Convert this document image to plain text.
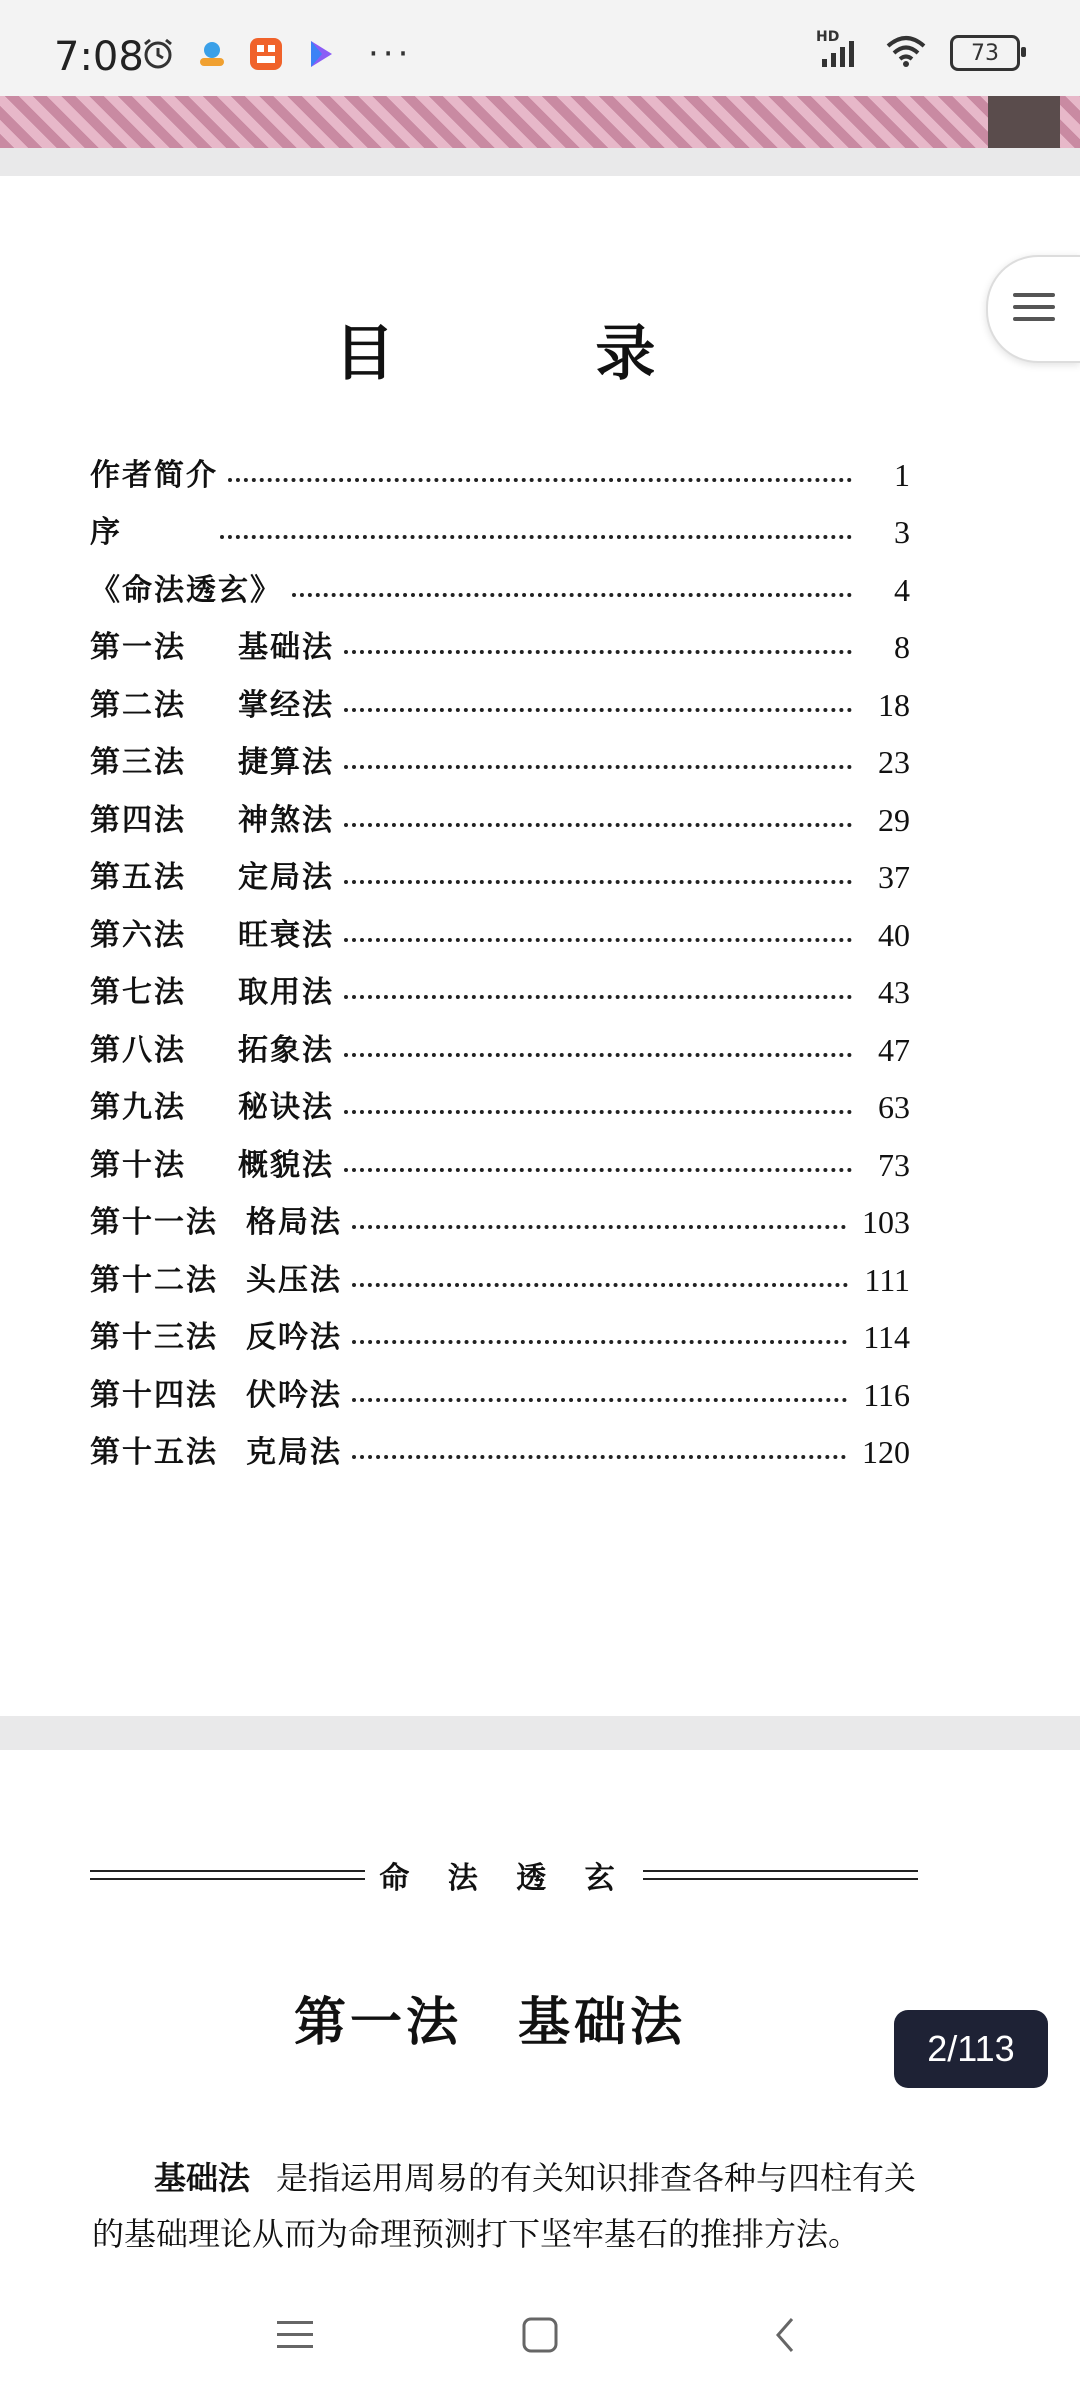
7:08	···	HD
73
目 录
作者简介	1
序	3
《命法透玄》	4
第一法	基础法	8
第二法	掌经法	18
第三法	捷算法	23
第四法	神煞法	29
第五法	定局法	37
第六法	旺衰法	40
第七法	取用法	43
第八法	拓象法	47
第九法	秘诀法	63
第十法	概貌法	73
第十一法 格局法	103
第十二法 头压法	111
第十三法 反吟法	114
第十四法 伏吟法	116
第十五法 克局法	120
命 法 透 玄
第一法　基础法
基础法 是指运用周易的有关知识排查各种与四柱有关的基础理论从而为命理预测打下坚牢基石的推排方法。
2/113
